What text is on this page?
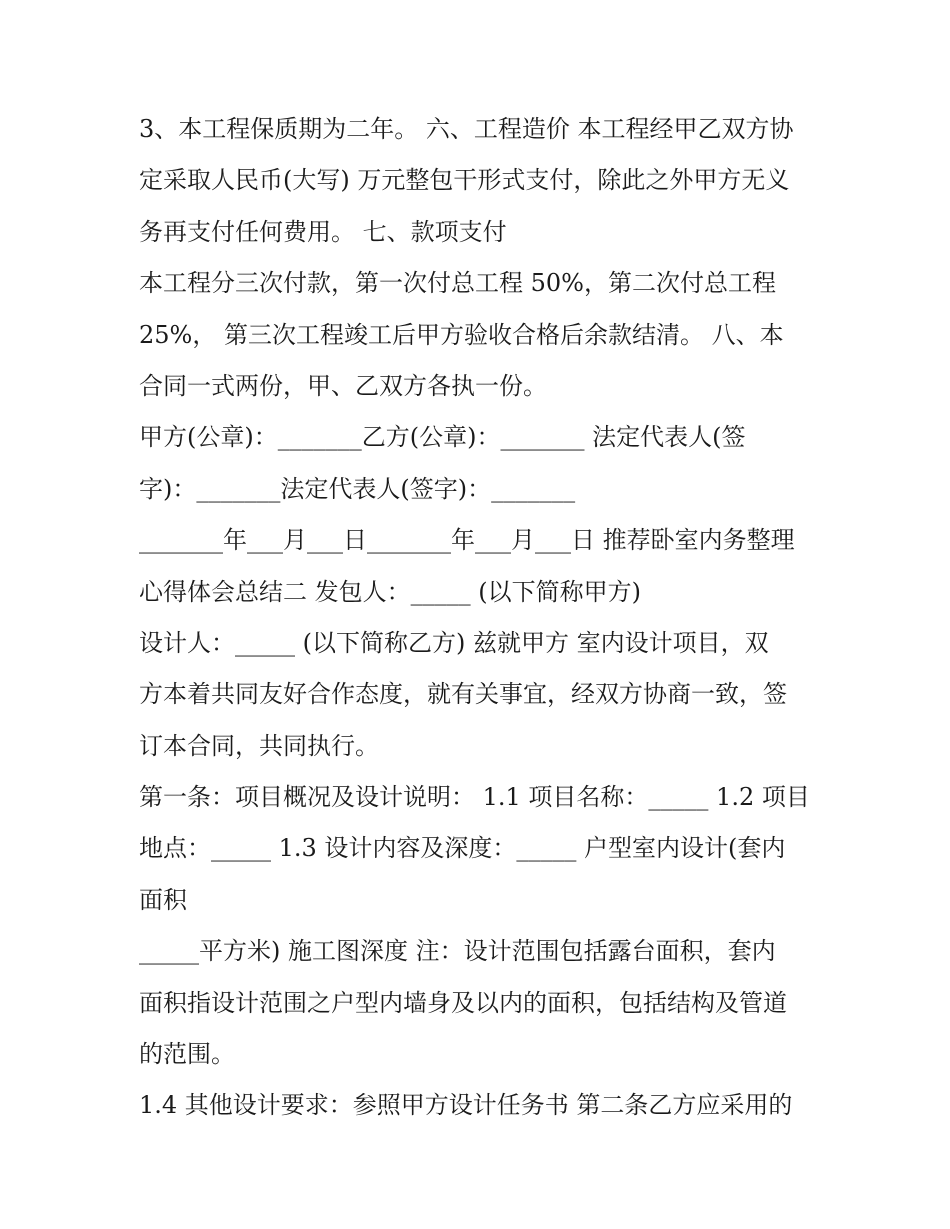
3、本工程保质期为二年。 六、工程造价 本工程经甲乙双方协
定采取人民币(大写) 万元整包干形式支付，除此之外甲方无义
务再支付任何费用。 七、款项支付
本工程分三次付款，第一次付总工程 50%，第二次付总工程
25%， 第三次工程竣工后甲方验收合格后余款结清。 八、本
合同一式两份，甲、乙双方各执一份。
甲方(公章)：_______乙方(公章)：_______ 法定代表人(签
字)：_______法定代表人(签字)：_______
_______年___月___日_______年___月___日 推荐卧室内务整理
心得体会总结二 发包人：_____ (以下简称甲方)
设计人：_____ (以下简称乙方) 兹就甲方 室内设计项目，双
方本着共同友好合作态度，就有关事宜，经双方协商一致，签
订本合同，共同执行。
第一条：项目概况及设计说明： 1.1 项目名称：_____ 1.2 项目
地点：_____ 1.3 设计内容及深度：_____ 户型室内设计(套内
面积
_____平方米) 施工图深度 注：设计范围包括露台面积，套内
面积指设计范围之户型内墙身及以内的面积，包括结构及管道
的范围。
1.4 其他设计要求：参照甲方设计任务书 第二条乙方应采用的
